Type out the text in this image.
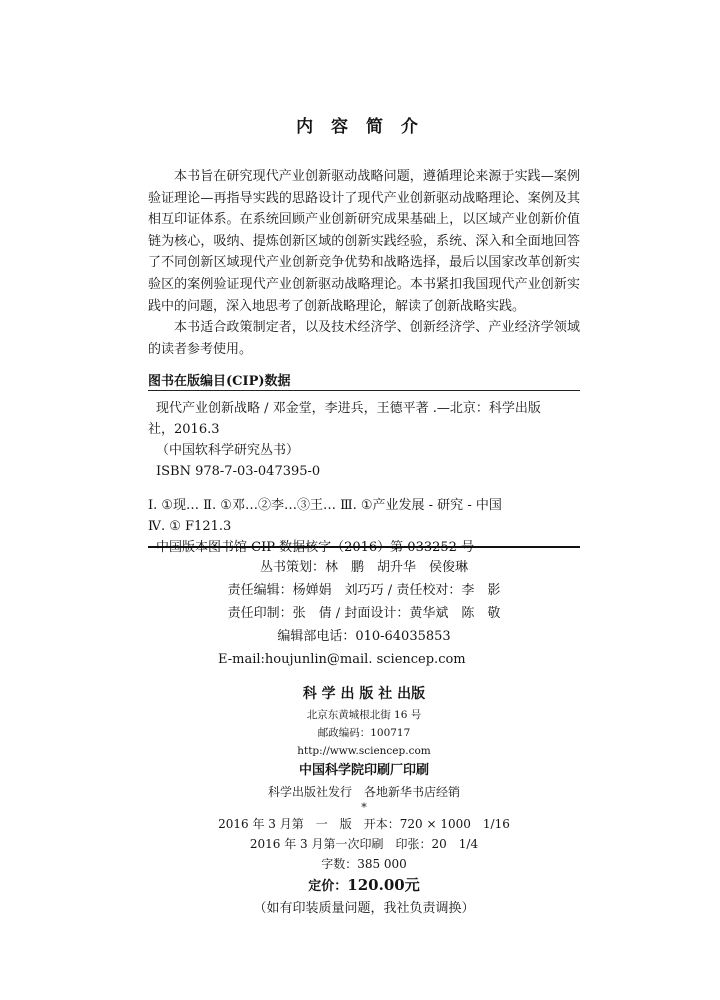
内 容 简 介

本书旨在研究现代产业创新驱动战略问题，遵循理论来源于实践—案例验证理论—再指导实践的思路设计了现代产业创新驱动战略理论、案例及其相互印证体系。在系统回顾产业创新研究成果基础上，以区域产业创新价值链为核心，吸纳、提炼创新区域的创新实践经验，系统、深入和全面地回答了不同创新区域现代产业创新竞争优势和战略选择，最后以国家改革创新实验区的案例验证现代产业创新驱动战略理论。本书紧扣我国现代产业创新实践中的问题，深入地思考了创新战略理论，解读了创新战略实践。

本书适合政策制定者，以及技术经济学、创新经济学、产业经济学领域的读者参考使用。

图书在版编目(CIP)数据
现代产业创新战略 / 邓金堂，李进兵，王德平著 .—北京：科学出版
社，2016.3
（中国软科学研究丛书）
ISBN 978-7-03-047395-0
Ⅰ. ①现… Ⅱ. ①邓…②李…③王… Ⅲ. ①产业发展 - 研究 - 中国
Ⅳ. ① F121.3
中国版本图书馆 CIP 数据核字（2016）第 033252 号
丛书策划：林　鹏　胡升华　侯俊琳
责任编辑：杨婵娟　刘巧巧 / 责任校对：李　影
责任印制：张　倩 / 封面设计：黄华斌　陈　敬
编辑部电话：010-64035853
E-mail:houjunlin@mail. sciencep.com
科 学 出 版 社 出版
北京东黄城根北街 16 号
邮政编码：100717
http://www.sciencep.com
中国科学院印刷厂印刷
科学出版社发行　各地新华书店经销
*
2016 年 3 月第　一　版　开本：720 × 1000　1/16
2016 年 3 月第一次印刷　印张：20　1/4
字数：385 000
定价：120.00元
（如有印装质量问题，我社负责调换）
